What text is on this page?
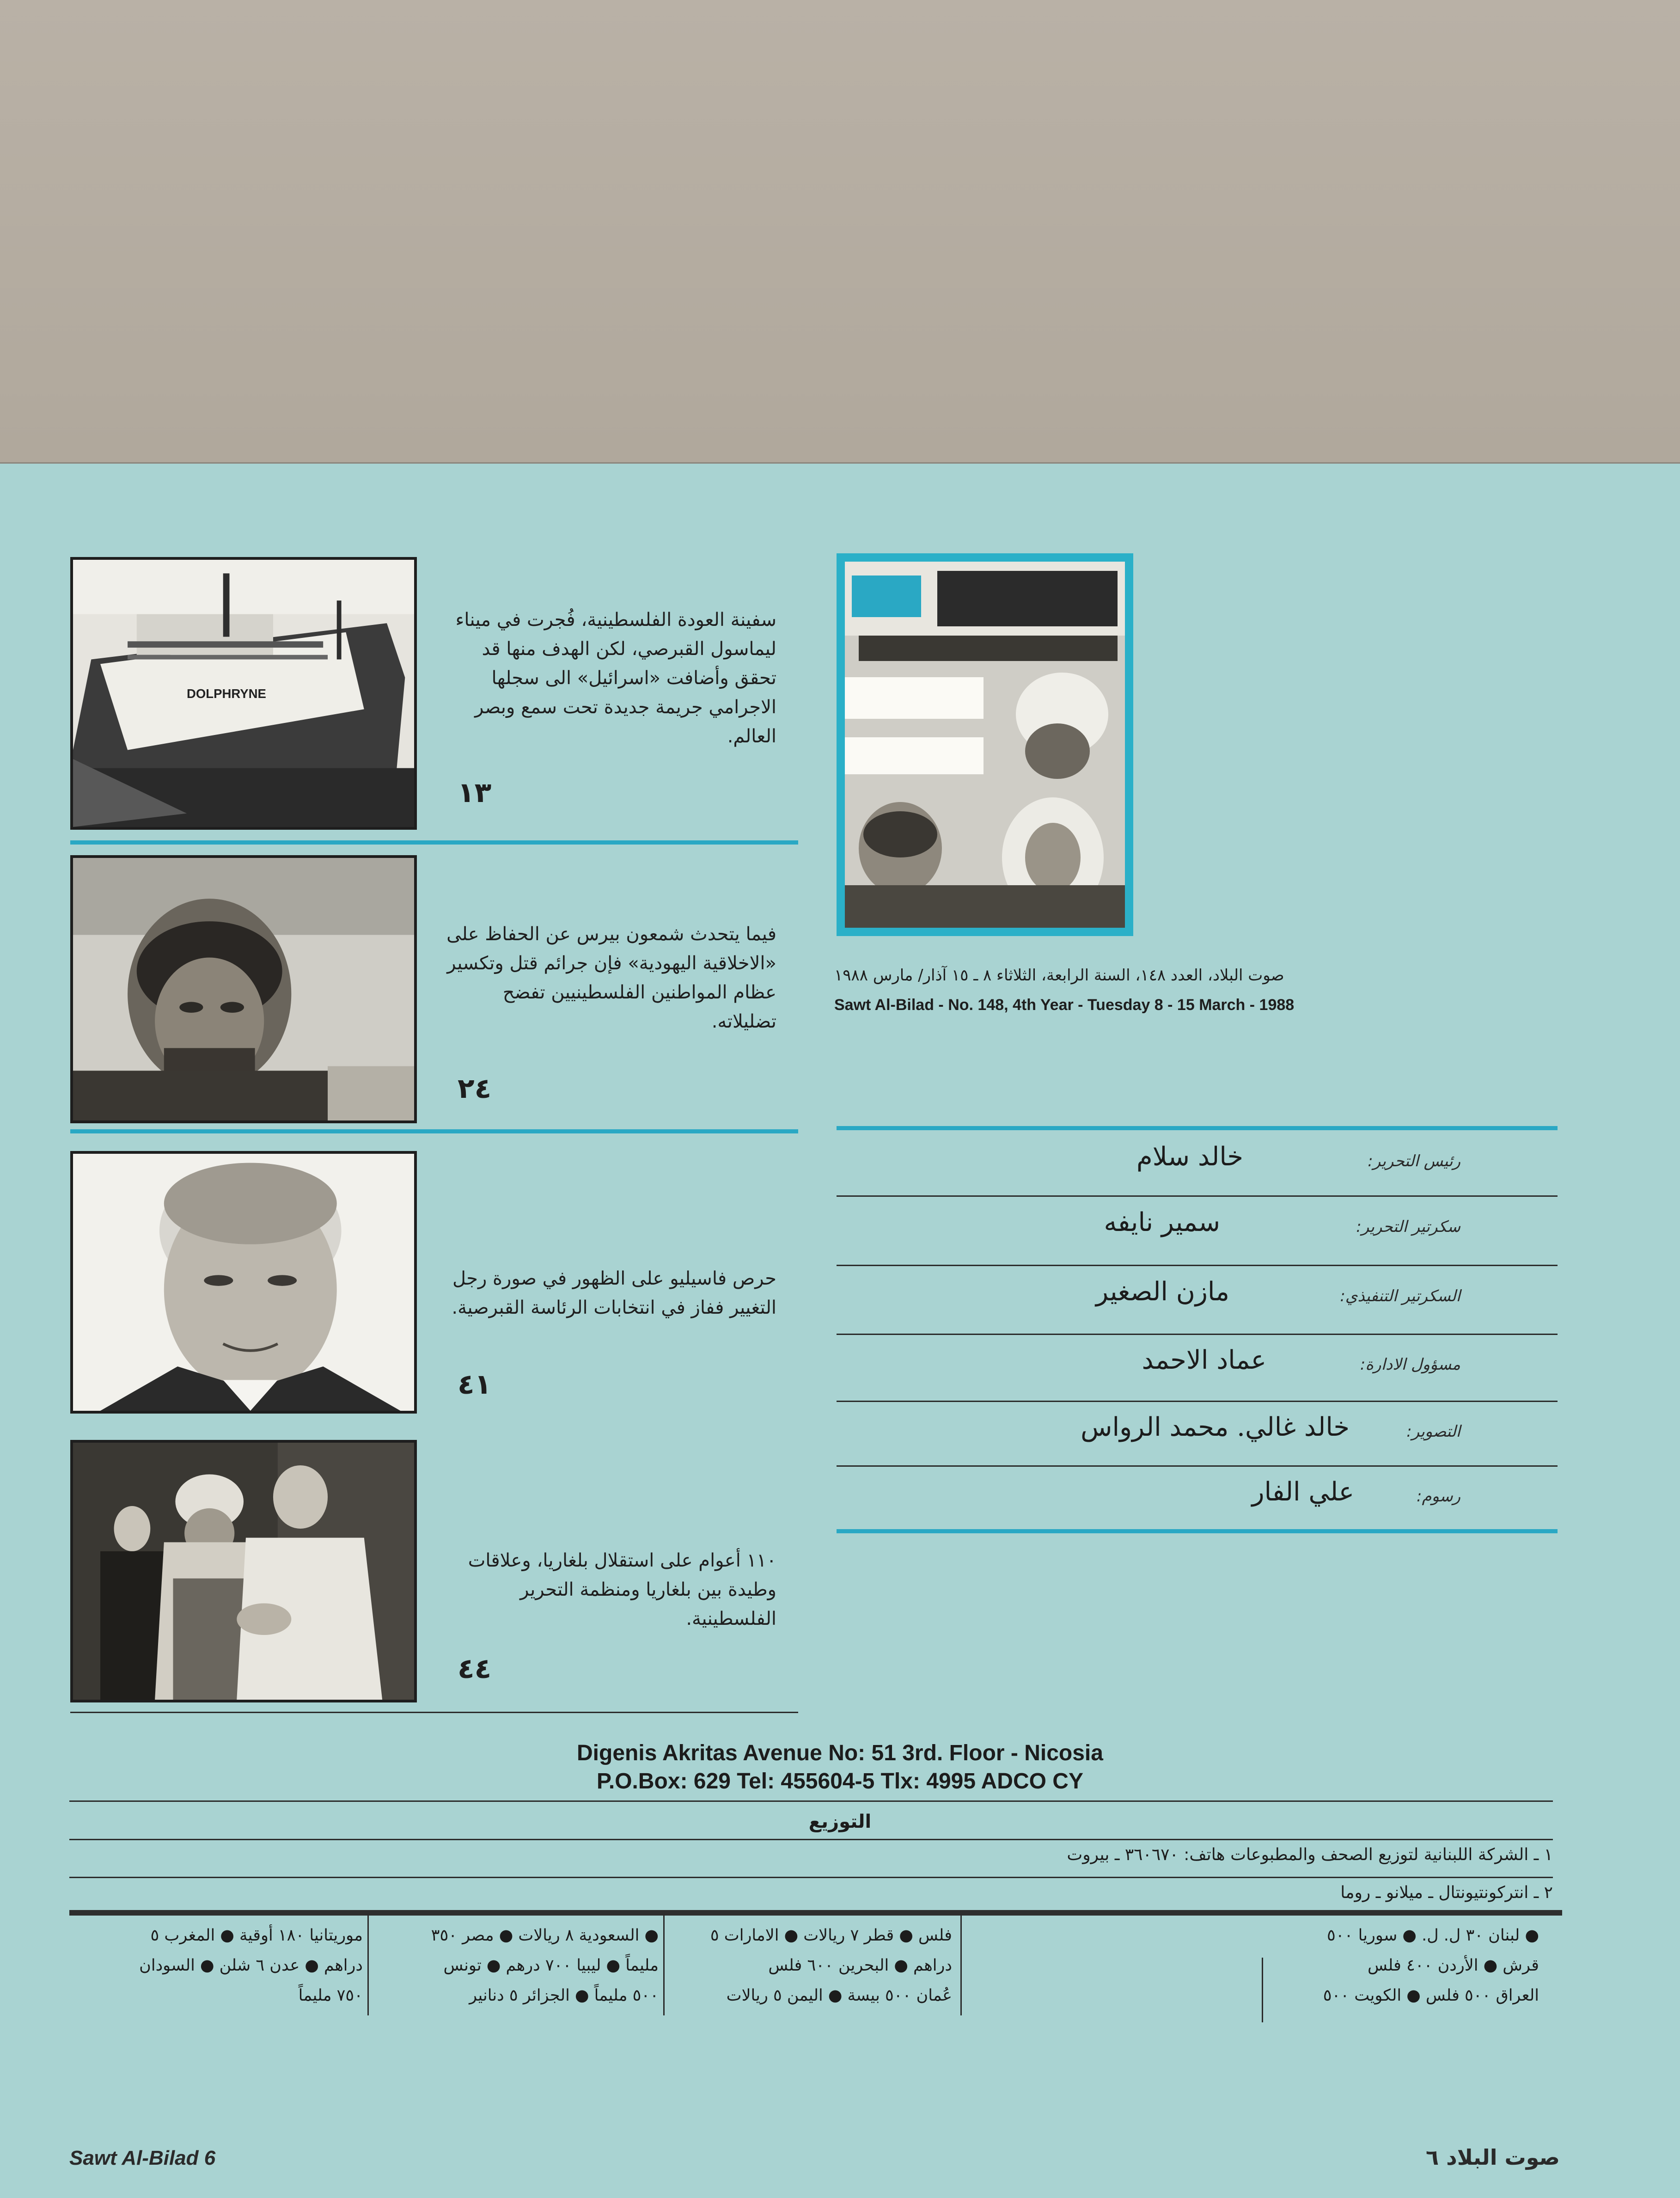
DOLPHRYNE
سفينة العودة الفلسطينية، فُجرت في ميناء ليماسول القبرصي، لكن الهدف منها قد تحقق وأضافت «اسرائيل» الى سجلها الاجرامي جريمة جديدة تحت سمع وبصر العالم.
١٣
فيما يتحدث شمعون بيرس عن الحفاظ على «الاخلاقية اليهودية» فإن جرائم قتل وتكسير عظام المواطنين الفلسطينيين تفضح تضليلاته.
٢٤
حرص فاسيليو على الظهور في صورة رجل التغيير ففاز في انتخابات الرئاسة القبرصية.
٤١
١١٠ أعوام على استقلال بلغاريا، وعلاقات وطيدة بين بلغاريا ومنظمة التحرير الفلسطينية.
٤٤
صوت البلاد، العدد ١٤٨، السنة الرابعة، الثلاثاء ٨ ـ ١٥ آذار/ مارس ١٩٨٨
Sawt Al-Bilad - No. 148, 4th Year - Tuesday 8 - 15 March - 1988
رئيس التحرير:
خالد سلام
سكرتير التحرير:
سمير نايفه
السكرتير التنفيذي:
مازن الصغير
مسؤول الادارة:
عماد الاحمد
التصوير:
خالد غالي. محمد الرواس
رسوم:
علي الفار
Digenis Akritas Avenue No: 51 3rd. Floor - Nicosia
P.O.Box: 629 Tel: 455604-5 Tlx: 4995 ADCO CY
التوزيع
١ ـ الشركة اللبنانية لتوزيع الصحف والمطبوعات هاتف: ٣٦٠٦٧٠ ـ بيروت
٢ ـ انتركونتيونتال ـ ميلانو ـ روما
● لبنان ٣٠ ل. ل. ● سوريا ٥٠٠
قرش ● الأردن ٤٠٠ فلس
العراق ٥٠٠ فلس ● الكويت ٥٠٠
فلس ● قطر ٧ ريالات ● الامارات ٥
دراهم ● البحرين ٦٠٠ فلس
عُمان ٥٠٠ بيسة ● اليمن ٥ ريالات
● السعودية ٨ ريالات ● مصر ٣٥٠
مليماً ● ليبيا ٧٠٠ درهم ● تونس
٥٠٠ مليماً ● الجزائر ٥ دنانير
موريتانيا ١٨٠ أوقية ● المغرب ٥
دراهم ● عدن ٦ شلن ● السودان
٧٥٠ مليماً
Sawt Al-Bilad 6	صوت البلاد ٦
